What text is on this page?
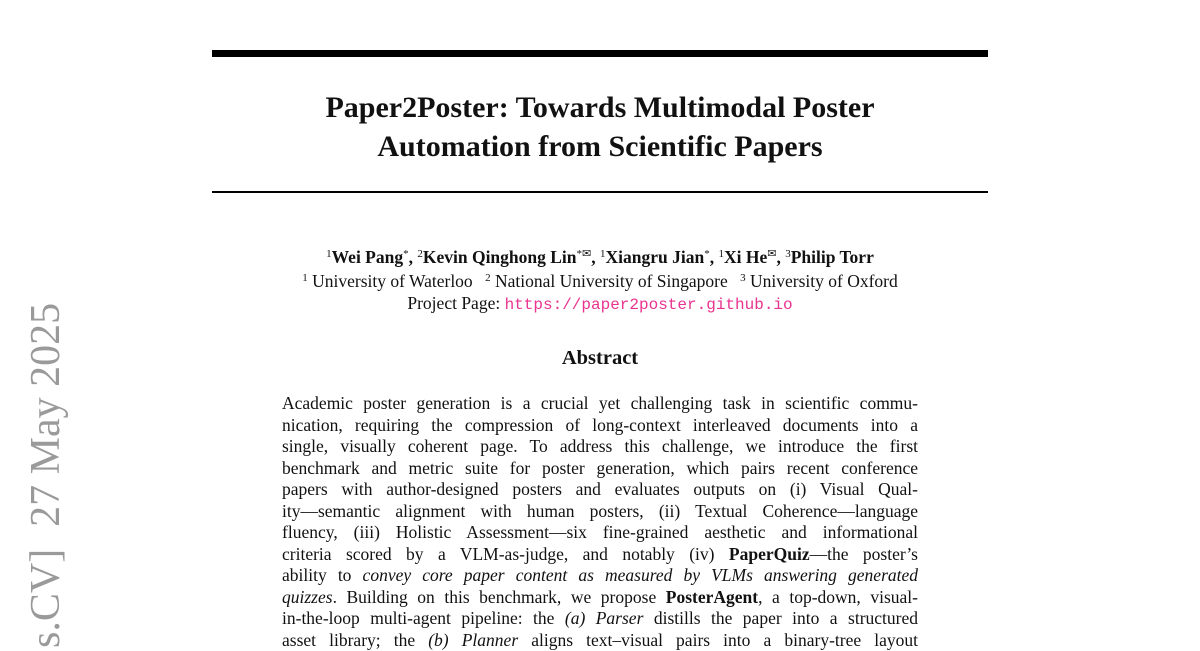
Paper2Poster: Towards Multimodal Poster
Automation from Scientific Papers
$^1$Wei Pang*, $^2$Kevin Qinghong Lin*✉, $^1$Xiangru Jian*, $^1$Xi He✉, $^3$Philip Torr
$^1$ University of Waterloo $^2$ National University of Singapore $^3$ University of Oxford
Project Page: https://paper2poster.github.io
Abstract
Academic poster generation is a crucial yet challenging task in scientific commu-
nication, requiring the compression of long-context interleaved documents into a
single, visually coherent page. To address this challenge, we introduce the first
benchmark and metric suite for poster generation, which pairs recent conference
papers with author-designed posters and evaluates outputs on (i) Visual Qual-
ity—semantic alignment with human posters, (ii) Textual Coherence—language
fluency, (iii) Holistic Assessment—six fine-grained aesthetic and informational
criteria scored by a VLM-as-judge, and notably (iv) PaperQuiz—the poster’s
ability to convey core paper content as measured by VLMs answering generated
quizzes. Building on this benchmark, we propose PosterAgent, a top-down, visual-
in-the-loop multi-agent pipeline: the (a) Parser distills the paper into a structured
asset library; the (b) Planner aligns text–visual pairs into a binary-tree layout
s.CV]27 May 2025
